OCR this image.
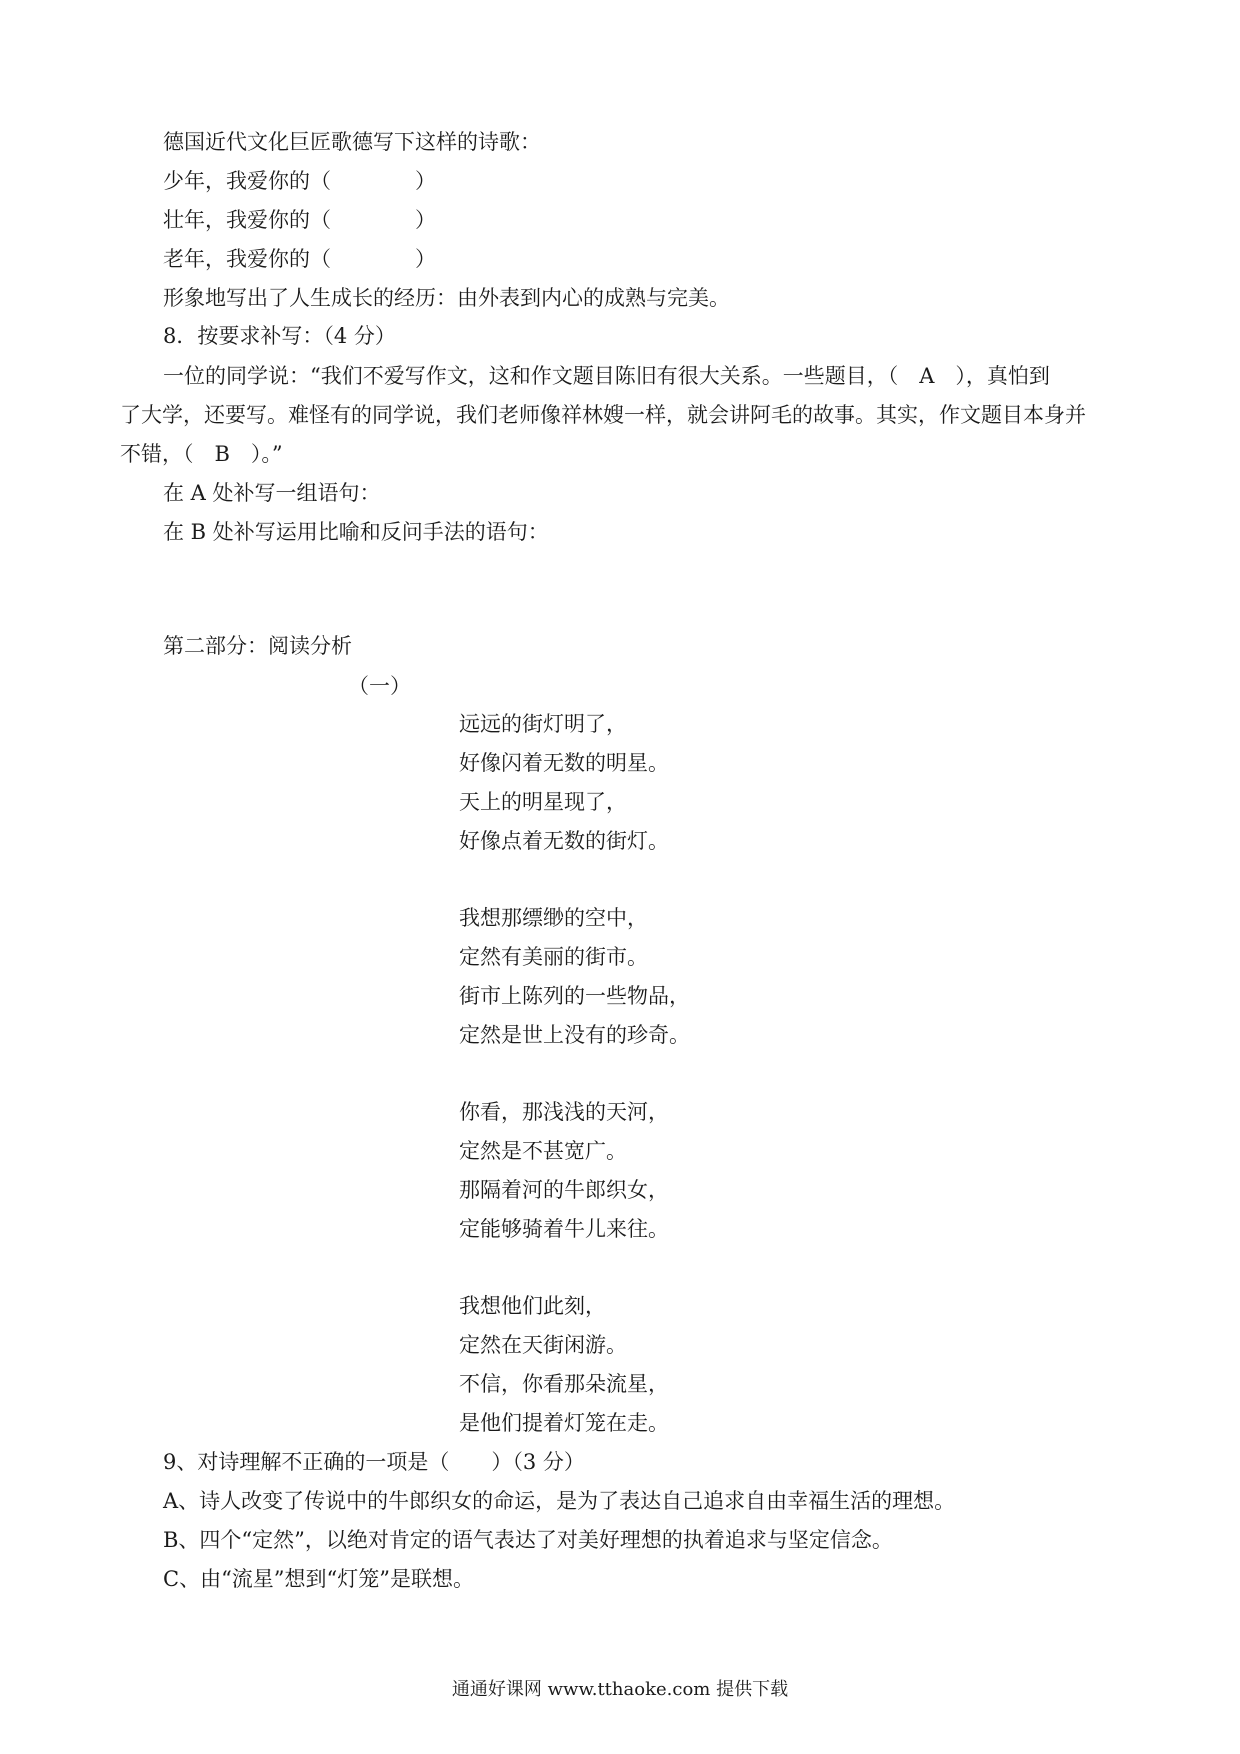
德国近代文化巨匠歌德写下这样的诗歌：
少年，我爱你的（　　　　）
壮年，我爱你的（　　　　）
老年，我爱你的（　　　　）
形象地写出了人生成长的经历：由外表到内心的成熟与完美。
8．按要求补写：（4 分）
一位的同学说：“我们不爱写作文，这和作文题目陈旧有很大关系。一些题目，（　A　），真怕到
了大学，还要写。难怪有的同学说，我们老师像祥林嫂一样，就会讲阿毛的故事。其实，作文题目本身并
不错，（　B　）。”
在 A 处补写一组语句：
在 B 处补写运用比喻和反问手法的语句：
第二部分：阅读分析
（一）
远远的街灯明了，
好像闪着无数的明星。
天上的明星现了，
好像点着无数的街灯。
我想那缥缈的空中，
定然有美丽的街市。
街市上陈列的一些物品，
定然是世上没有的珍奇。
你看，那浅浅的天河，
定然是不甚宽广。
那隔着河的牛郎织女，
定能够骑着牛儿来往。
我想他们此刻，
定然在天街闲游。
不信，你看那朵流星，
是他们提着灯笼在走。
9、对诗理解不正确的一项是（　　）（3 分）
A、诗人改变了传说中的牛郎织女的命运，是为了表达自己追求自由幸福生活的理想。
B、四个“定然”，以绝对肯定的语气表达了对美好理想的执着追求与坚定信念。
C、由“流星”想到“灯笼”是联想。
通通好课网 www.tthaoke.com 提供下载
